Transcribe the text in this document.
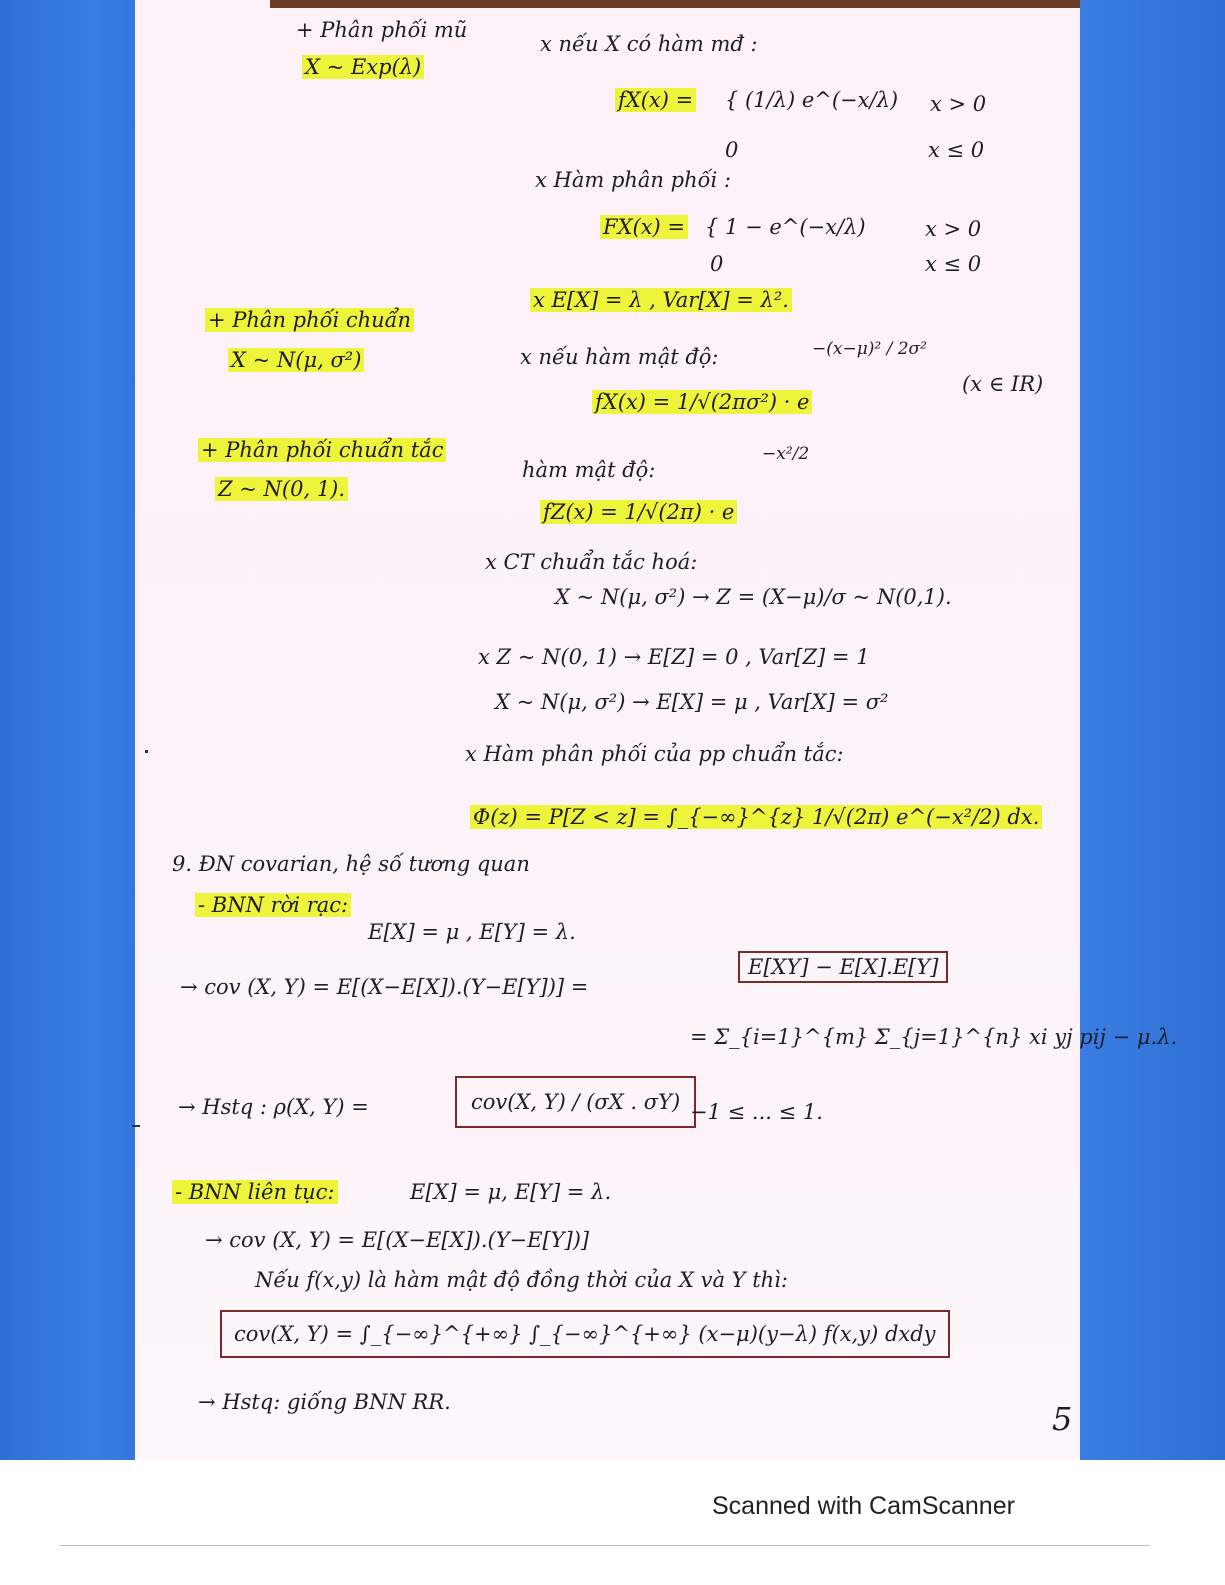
+ Phân phối mũ
X ~ Exp(λ)
x nếu X có hàm mđ :
fX(x) = { (1/λ) e^(−x/λ) x > 0
0	x ≤ 0
x Hàm phân phối :
FX(x) = { 1 − e^(−x/λ)	x > 0
0	x ≤ 0
x E[X] = λ , Var[X] = λ².
+ Phân phối chuẩn
X ~ N(μ, σ²)	x nếu hàm mật độ:	−(x−μ)² / 2σ²
fX(x) = 1/√(2πσ²) · e
(x ∈ IR)
+ Phân phối chuẩn tắc
Z ~ N(0, 1).
hàm mật độ:
−x²/2
fZ(x) = 1/√(2π) · e
x CT chuẩn tắc hoá:
X ~ N(μ, σ²) → Z = (X−μ)/σ ~ N(0,1).
x Z ~ N(0, 1) → E[Z] = 0 , Var[Z] = 1
X ~ N(μ, σ²) → E[X] = μ , Var[X] = σ²
x Hàm phân phối của pp chuẩn tắc:
Φ(z) = P[Z < z] = ∫_{−∞}^{z} 1/√(2π) e^(−x²/2) dx.
9. ĐN covarian, hệ số tương quan
- BNN rời rạc:
E[X] = μ , E[Y] = λ.
→ cov (X, Y) = E[(X−E[X]).(Y−E[Y])] =
E[XY] − E[X].E[Y]
= Σ_{i=1}^{m} Σ_{j=1}^{n} xi yj pij − μ.λ.
→ Hstq : ρ(X, Y) =	cov(X, Y) / (σX . σY) −1 ≤ ... ≤ 1.
- BNN liên tục:	E[X] = μ, E[Y] = λ.
→ cov (X, Y) = E[(X−E[X]).(Y−E[Y])]
Nếu f(x,y) là hàm mật độ đồng thời của X và Y thì:
cov(X, Y) = ∫_{−∞}^{+∞} ∫_{−∞}^{+∞} (x−μ)(y−λ) f(x,y) dxdy
→ Hstq: giống BNN RR.	5
Scanned with CamScanner
